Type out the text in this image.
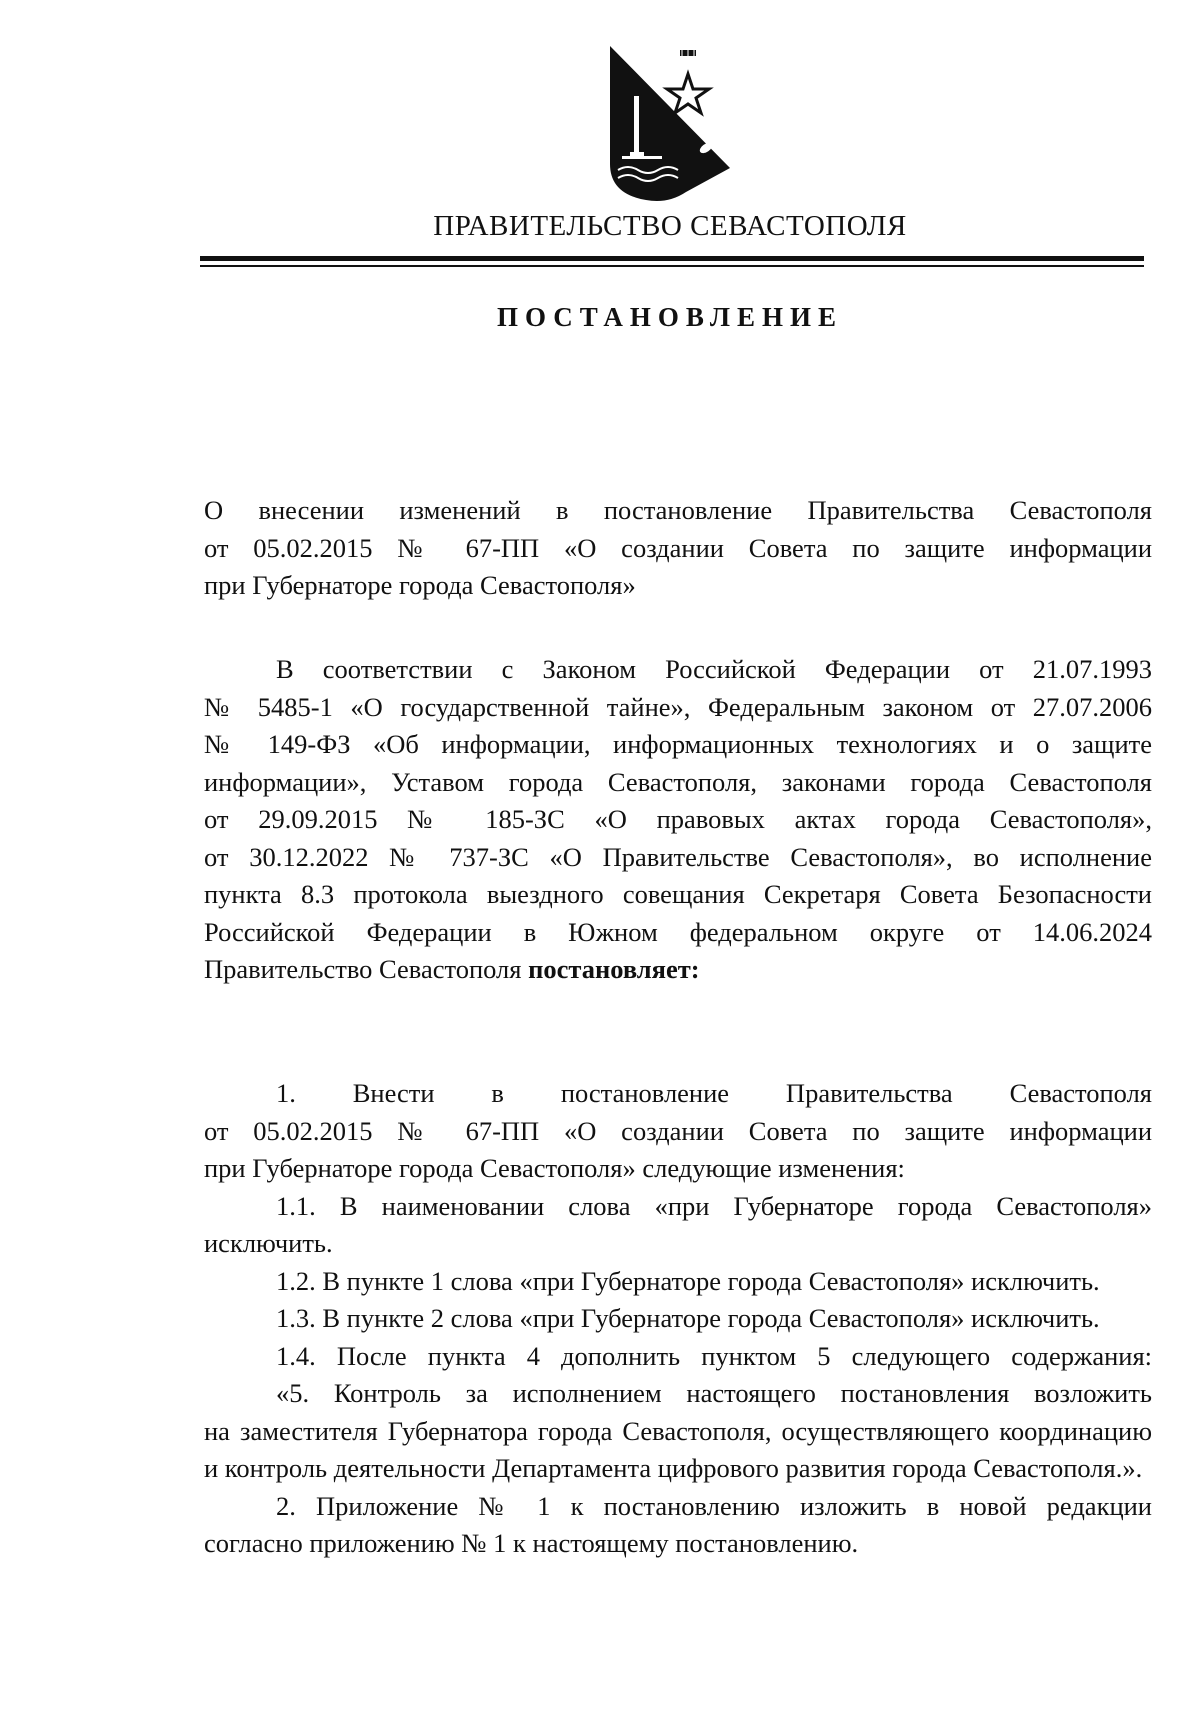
ПРАВИТЕЛЬСТВО СЕВАСТОПОЛЯ
ПОСТАНОВЛЕНИЕ
О внесении изменений в постановление Правительства Севастополя
от 05.02.2015 № 67-ПП «О создании Совета по защите информации
при Губернаторе города Севастополя»
В соответствии с Законом Российской Федерации от 21.07.1993
№ 5485-1 «О государственной тайне», Федеральным законом от 27.07.2006
№ 149-ФЗ «Об информации, информационных технологиях и о защите
информации», Уставом города Севастополя, законами города Севастополя
от 29.09.2015 № 185-ЗС «О правовых актах города Севастополя»,
от 30.12.2022 № 737-ЗС «О Правительстве Севастополя», во исполнение
пункта 8.3 протокола выездного совещания Секретаря Совета Безопасности
Российской Федерации в Южном федеральном округе от 14.06.2024
Правительство Севастополя постановляет:
1. Внести в постановление Правительства Севастополя
от 05.02.2015 № 67-ПП «О создании Совета по защите информации
при Губернаторе города Севастополя» следующие изменения:
1.1. В наименовании слова «при Губернаторе города Севастополя»
исключить.
1.2. В пункте 1 слова «при Губернаторе города Севастополя» исключить.
1.3. В пункте 2 слова «при Губернаторе города Севастополя» исключить.
1.4. После пункта 4 дополнить пунктом 5 следующего содержания:
«5. Контроль за исполнением настоящего постановления возложить
на заместителя Губернатора города Севастополя, осуществляющего координацию
и контроль деятельности Департамента цифрового развития города Севастополя.».
2. Приложение № 1 к постановлению изложить в новой редакции
согласно приложению № 1 к настоящему постановлению.
